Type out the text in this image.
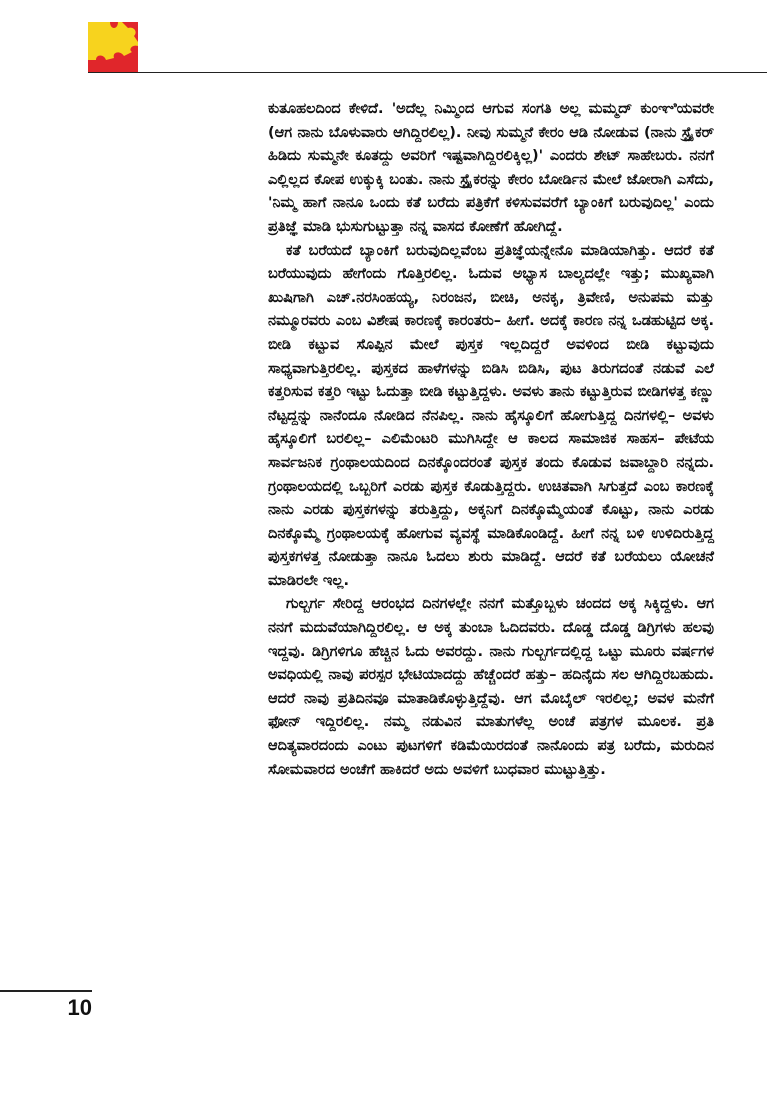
ಕುತೂಹಲದಿಂದ ಕೇಳಿದೆ. 'ಅದೆಲ್ಲ ನಿಮ್ಮಿಂದ ಆಗುವ ಸಂಗತಿ ಅಲ್ಲ ಮಮ್ಮದ್ ಕುಂಞಿಯವರೇ (ಆಗ ನಾನು ಬೊಳುವಾರು ಆಗಿದ್ದಿರಲಿಲ್ಲ). ನೀವು ಸುಮ್ಮನೆ ಕೇರಂ ಆಡಿ ನೋಡುವ (ನಾನು ಸ್ಟ್ರೈಕರ್ ಹಿಡಿದು ಸುಮ್ಮನೇ ಕೂತದ್ದು ಅವರಿಗೆ ಇಷ್ಟವಾಗಿದ್ದಿರಲಿಕ್ಕಿಲ್ಲ)' ಎಂದರು ಶೇಟ್ ಸಾಹೇಬರು. ನನಗೆ ಎಲ್ಲಿಲ್ಲದ ಕೋಪ ಉಕ್ಕುಕ್ಕಿ ಬಂತು. ನಾನು ಸ್ಟ್ರೈಕರನ್ನು ಕೇರಂ ಬೋರ್ಡಿನ ಮೇಲೆ ಜೋರಾಗಿ ಎಸೆದು, 'ನಿಮ್ಮ ಹಾಗೆ ನಾನೂ ಒಂದು ಕತೆ ಬರೆದು ಪತ್ರಿಕೆಗೆ ಕಳಿಸುವವರೆಗೆ ಬ್ಯಾಂಕಿಗೆ ಬರುವುದಿಲ್ಲ' ಎಂದು ಪ್ರತಿಜ್ಞೆ ಮಾಡಿ ಭುಸುಗುಟ್ಟುತ್ತಾ ನನ್ನ ವಾಸದ ಕೋಣೆಗೆ ಹೋಗಿದ್ದೆ.

ಕತೆ ಬರೆಯದೆ ಬ್ಯಾಂಕಿಗೆ ಬರುವುದಿಲ್ಲವೆಂಬ ಪ್ರತಿಜ್ಞೆಯನ್ನೇನೊ ಮಾಡಿಯಾಗಿತ್ತು. ಆದರೆ ಕತೆ ಬರೆಯುವುದು ಹೇಗೆಂದು ಗೊತ್ತಿರಲಿಲ್ಲ. ಓದುವ ಅಭ್ಯಾಸ ಬಾಲ್ಯದಲ್ಲೇ ಇತ್ತು; ಮುಖ್ಯವಾಗಿ ಖುಷಿಗಾಗಿ ಎಚ್.ನರಸಿಂಹಯ್ಯ, ನಿರಂಜನ, ಬೀಚಿ, ಅನಕೃ, ತ್ರಿವೇಣಿ, ಅನುಪಮ ಮತ್ತು ನಮ್ಮೂರವರು ಎಂಬ ವಿಶೇಷ ಕಾರಣಕ್ಕೆ ಕಾರಂತರು– ಹೀಗೆ. ಅದಕ್ಕೆ ಕಾರಣ ನನ್ನ ಒಡಹುಟ್ಟಿದ ಅಕ್ಕ. ಬೀಡಿ ಕಟ್ಟುವ ಸೊಪ್ಪಿನ ಮೇಲೆ ಪುಸ್ತಕ ಇಲ್ಲದಿದ್ದರೆ ಅವಳಿಂದ ಬೀಡಿ ಕಟ್ಟುವುದು ಸಾಧ್ಯವಾಗುತ್ತಿರಲಿಲ್ಲ. ಪುಸ್ತಕದ ಹಾಳೆಗಳನ್ನು ಬಿಡಿಸಿ ಬಿಡಿಸಿ, ಪುಟ ತಿರುಗದಂತೆ ನಡುವೆ ಎಲೆ ಕತ್ತರಿಸುವ ಕತ್ತರಿ ಇಟ್ಟು ಓದುತ್ತಾ ಬೀಡಿ ಕಟ್ಟುತ್ತಿದ್ದಳು. ಅವಳು ತಾನು ಕಟ್ಟುತ್ತಿರುವ ಬೀಡಿಗಳತ್ತ ಕಣ್ಣು ನೆಟ್ಟದ್ದನ್ನು ನಾನೆಂದೂ ನೋಡಿದ ನೆನಪಿಲ್ಲ. ನಾನು ಹೈಸ್ಕೂಲಿಗೆ ಹೋಗುತ್ತಿದ್ದ ದಿನಗಳಲ್ಲಿ– ಅವಳು ಹೈಸ್ಕೂಲಿಗೆ ಬರಲಿಲ್ಲ– ಎಲಿಮೆಂಟರಿ ಮುಗಿಸಿದ್ದೇ ಆ ಕಾಲದ ಸಾಮಾಜಿಕ ಸಾಹಸ– ಪೇಟೆಯ ಸಾರ್ವಜನಿಕ ಗ್ರಂಥಾಲಯದಿಂದ ದಿನಕ್ಕೊಂದರಂತೆ ಪುಸ್ತಕ ತಂದು ಕೊಡುವ ಜವಾಬ್ದಾರಿ ನನ್ನದು. ಗ್ರಂಥಾಲಯದಲ್ಲಿ ಒಬ್ಬರಿಗೆ ಎರಡು ಪುಸ್ತಕ ಕೊಡುತ್ತಿದ್ದರು. ಉಚಿತವಾಗಿ ಸಿಗುತ್ತದೆ ಎಂಬ ಕಾರಣಕ್ಕೆ ನಾನು ಎರಡು ಪುಸ್ತಕಗಳನ್ನು ತರುತ್ತಿದ್ದು, ಅಕ್ಕನಿಗೆ ದಿನಕ್ಕೊಮ್ಮೆಯಂತೆ ಕೊಟ್ಟು, ನಾನು ಎರಡು ದಿನಕ್ಕೊಮ್ಮೆ ಗ್ರಂಥಾಲಯಕ್ಕೆ ಹೋಗುವ ವ್ಯವಸ್ಥೆ ಮಾಡಿಕೊಂಡಿದ್ದೆ. ಹೀಗೆ ನನ್ನ ಬಳಿ ಉಳಿದಿರುತ್ತಿದ್ದ ಪುಸ್ತಕಗಳತ್ತ ನೋಡುತ್ತಾ ನಾನೂ ಓದಲು ಶುರು ಮಾಡಿದ್ದೆ. ಆದರೆ ಕತೆ ಬರೆಯಲು ಯೋಚನೆ ಮಾಡಿರಲೇ ಇಲ್ಲ.

ಗುಲ್ಬರ್ಗ ಸೇರಿದ್ದ ಆರಂಭದ ದಿನಗಳಲ್ಲೇ ನನಗೆ ಮತ್ತೊಬ್ಬಳು ಚಂದದ ಅಕ್ಕ ಸಿಕ್ಕಿದ್ದಳು. ಆಗ ನನಗೆ ಮದುವೆಯಾಗಿದ್ದಿರಲಿಲ್ಲ. ಆ ಅಕ್ಕ ತುಂಬಾ ಓದಿದವರು. ದೊಡ್ಡ ದೊಡ್ಡ ಡಿಗ್ರಿಗಳು ಹಲವು ಇದ್ದವು. ಡಿಗ್ರಿಗಳಿಗೂ ಹೆಚ್ಚಿನ ಓದು ಅವರದ್ದು. ನಾನು ಗುಲ್ಬರ್ಗದಲ್ಲಿದ್ದ ಒಟ್ಟು ಮೂರು ವರ್ಷಗಳ ಅವಧಿಯಲ್ಲಿ ನಾವು ಪರಸ್ಪರ ಭೇಟಿಯಾದದ್ದು ಹೆಚ್ಚೆಂದರೆ ಹತ್ತು– ಹದಿನೈದು ಸಲ ಆಗಿದ್ದಿರಬಹುದು. ಆದರೆ ನಾವು ಪ್ರತಿದಿನವೂ ಮಾತಾಡಿಕೊಳ್ಳುತ್ತಿದ್ದೆವು. ಆಗ ಮೊಬೈಲ್ ಇರಲಿಲ್ಲ; ಅವಳ ಮನೆಗೆ ಫೋನ್ ಇದ್ದಿರಲಿಲ್ಲ. ನಮ್ಮ ನಡುವಿನ ಮಾತುಗಳೆಲ್ಲ ಅಂಚೆ ಪತ್ರಗಳ ಮೂಲಕ. ಪ್ರತಿ ಆದಿತ್ಯವಾರದಂದು ಎಂಟು ಪುಟಗಳಿಗೆ ಕಡಿಮೆಯಿರದಂತೆ ನಾನೊಂದು ಪತ್ರ ಬರೆದು, ಮರುದಿನ ಸೋಮವಾರದ ಅಂಚೆಗೆ ಹಾಕಿದರೆ ಅದು ಅವಳಿಗೆ ಬುಧವಾರ ಮುಟ್ಟುತ್ತಿತ್ತು.

10
